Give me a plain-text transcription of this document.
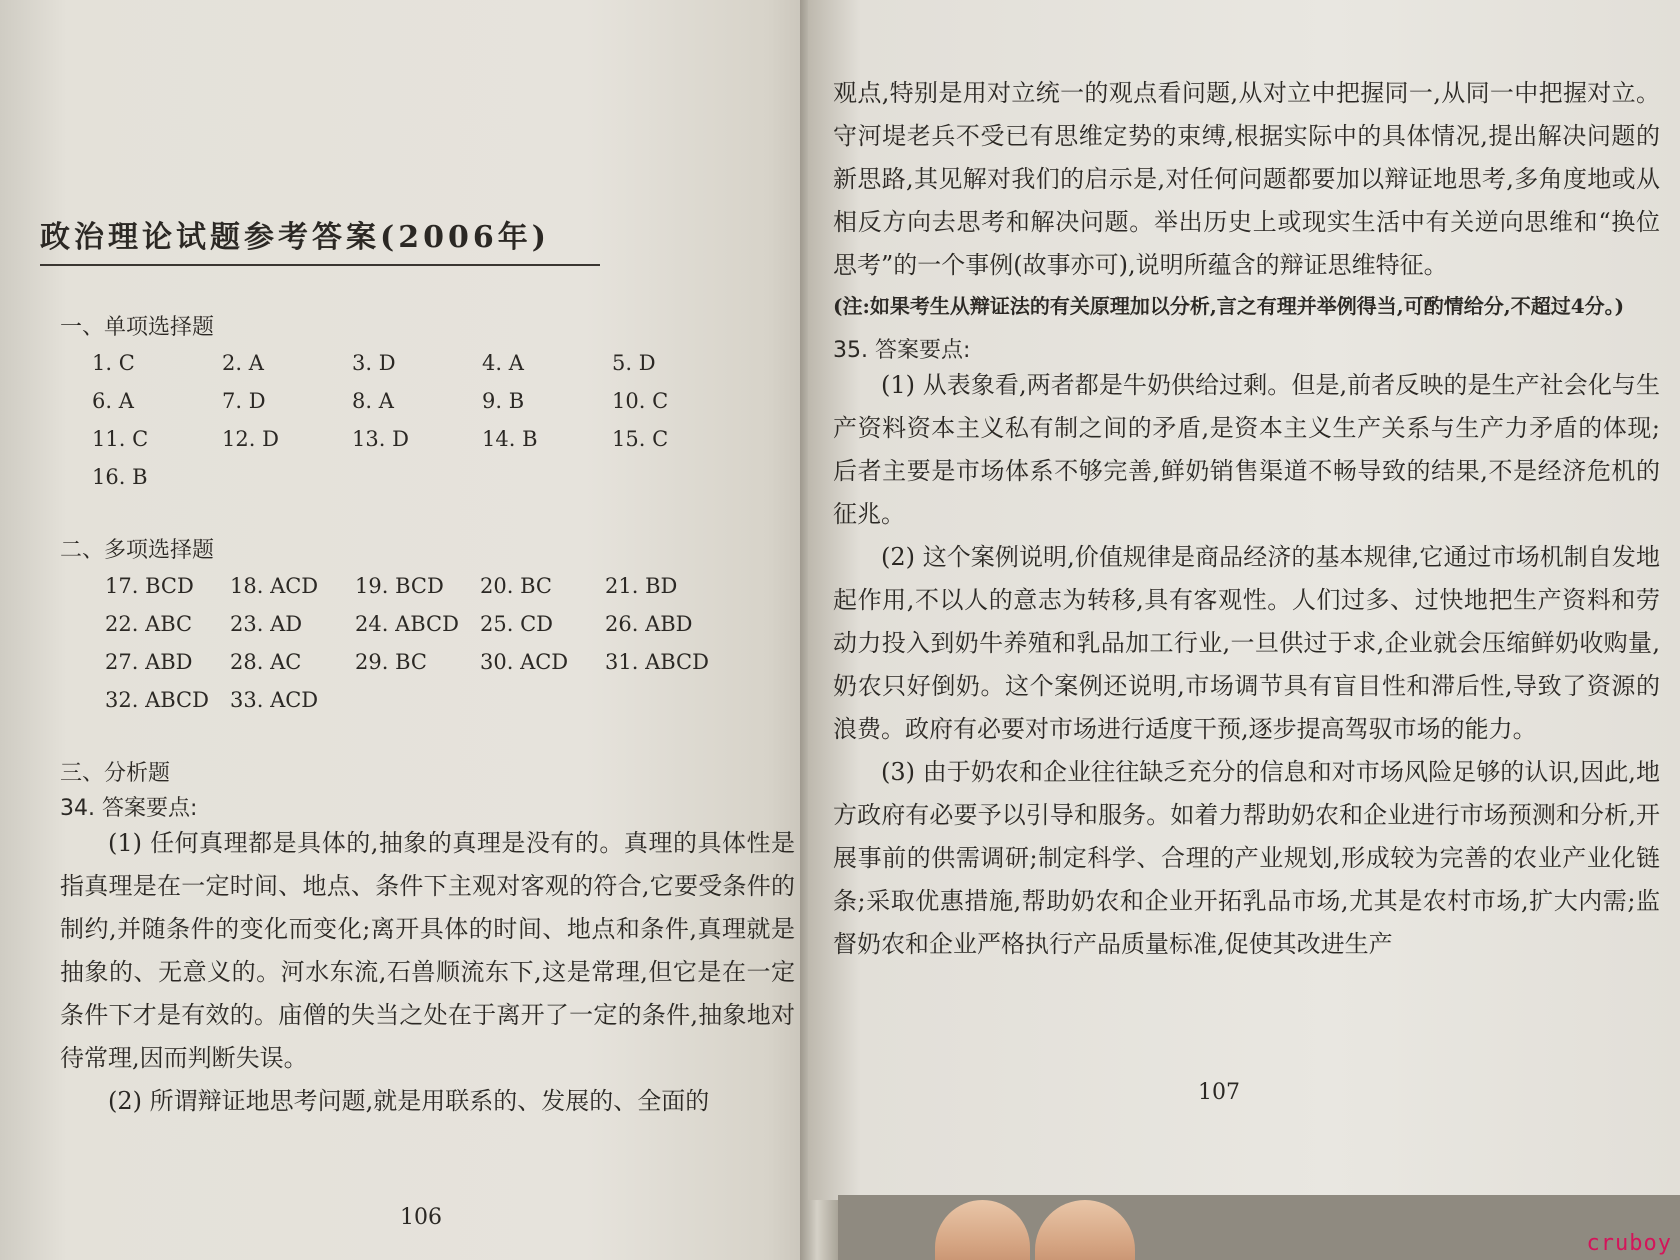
政治理论试题参考答案(2006年)
一、单项选择题
1. C	2. A	3. D	4. A	5. D
6. A	7. D	8. A	9. B	10. C
11. C	12. D	13. D	14. B	15. C
16. B
二、多项选择题
17. BCD	18. ACD	19. BCD	20. BC	21. BD
22. ABC	23. AD	24. ABCD	25. CD	26. ABD
27. ABD	28. AC	29. BC	30. ACD	31. ABCD
32. ABCD	33. ACD
三、分析题
34. 答案要点:

(1) 任何真理都是具体的,抽象的真理是没有的。真理的具体性是指真理是在一定时间、地点、条件下主观对客观的符合,它要受条件的制约,并随条件的变化而变化;离开具体的时间、地点和条件,真理就是抽象的、无意义的。河水东流,石兽顺流东下,这是常理,但它是在一定条件下才是有效的。庙僧的失当之处在于离开了一定的条件,抽象地对待常理,因而判断失误。

(2) 所谓辩证地思考问题,就是用联系的、发展的、全面的

106

观点,特别是用对立统一的观点看问题,从对立中把握同一,从同一中把握对立。守河堤老兵不受已有思维定势的束缚,根据实际中的具体情况,提出解决问题的新思路,其见解对我们的启示是,对任何问题都要加以辩证地思考,多角度地或从相反方向去思考和解决问题。举出历史上或现实生活中有关逆向思维和“换位思考”的一个事例(故事亦可),说明所蕴含的辩证思维特征。

(注:如果考生从辩证法的有关原理加以分析,言之有理并举例得当,可酌情给分,不超过4分。)
35. 答案要点:

(1) 从表象看,两者都是牛奶供给过剩。但是,前者反映的是生产社会化与生产资料资本主义私有制之间的矛盾,是资本主义生产关系与生产力矛盾的体现;后者主要是市场体系不够完善,鲜奶销售渠道不畅导致的结果,不是经济危机的征兆。

(2) 这个案例说明,价值规律是商品经济的基本规律,它通过市场机制自发地起作用,不以人的意志为转移,具有客观性。人们过多、过快地把生产资料和劳动力投入到奶牛养殖和乳品加工行业,一旦供过于求,企业就会压缩鲜奶收购量,奶农只好倒奶。这个案例还说明,市场调节具有盲目性和滞后性,导致了资源的浪费。政府有必要对市场进行适度干预,逐步提高驾驭市场的能力。

(3) 由于奶农和企业往往缺乏充分的信息和对市场风险足够的认识,因此,地方政府有必要予以引导和服务。如着力帮助奶农和企业进行市场预测和分析,开展事前的供需调研;制定科学、合理的产业规划,形成较为完善的农业产业化链条;采取优惠措施,帮助奶农和企业开拓乳品市场,尤其是农村市场,扩大内需;监督奶农和企业严格执行产品质量标准,促使其改进生产

107
cruboy
